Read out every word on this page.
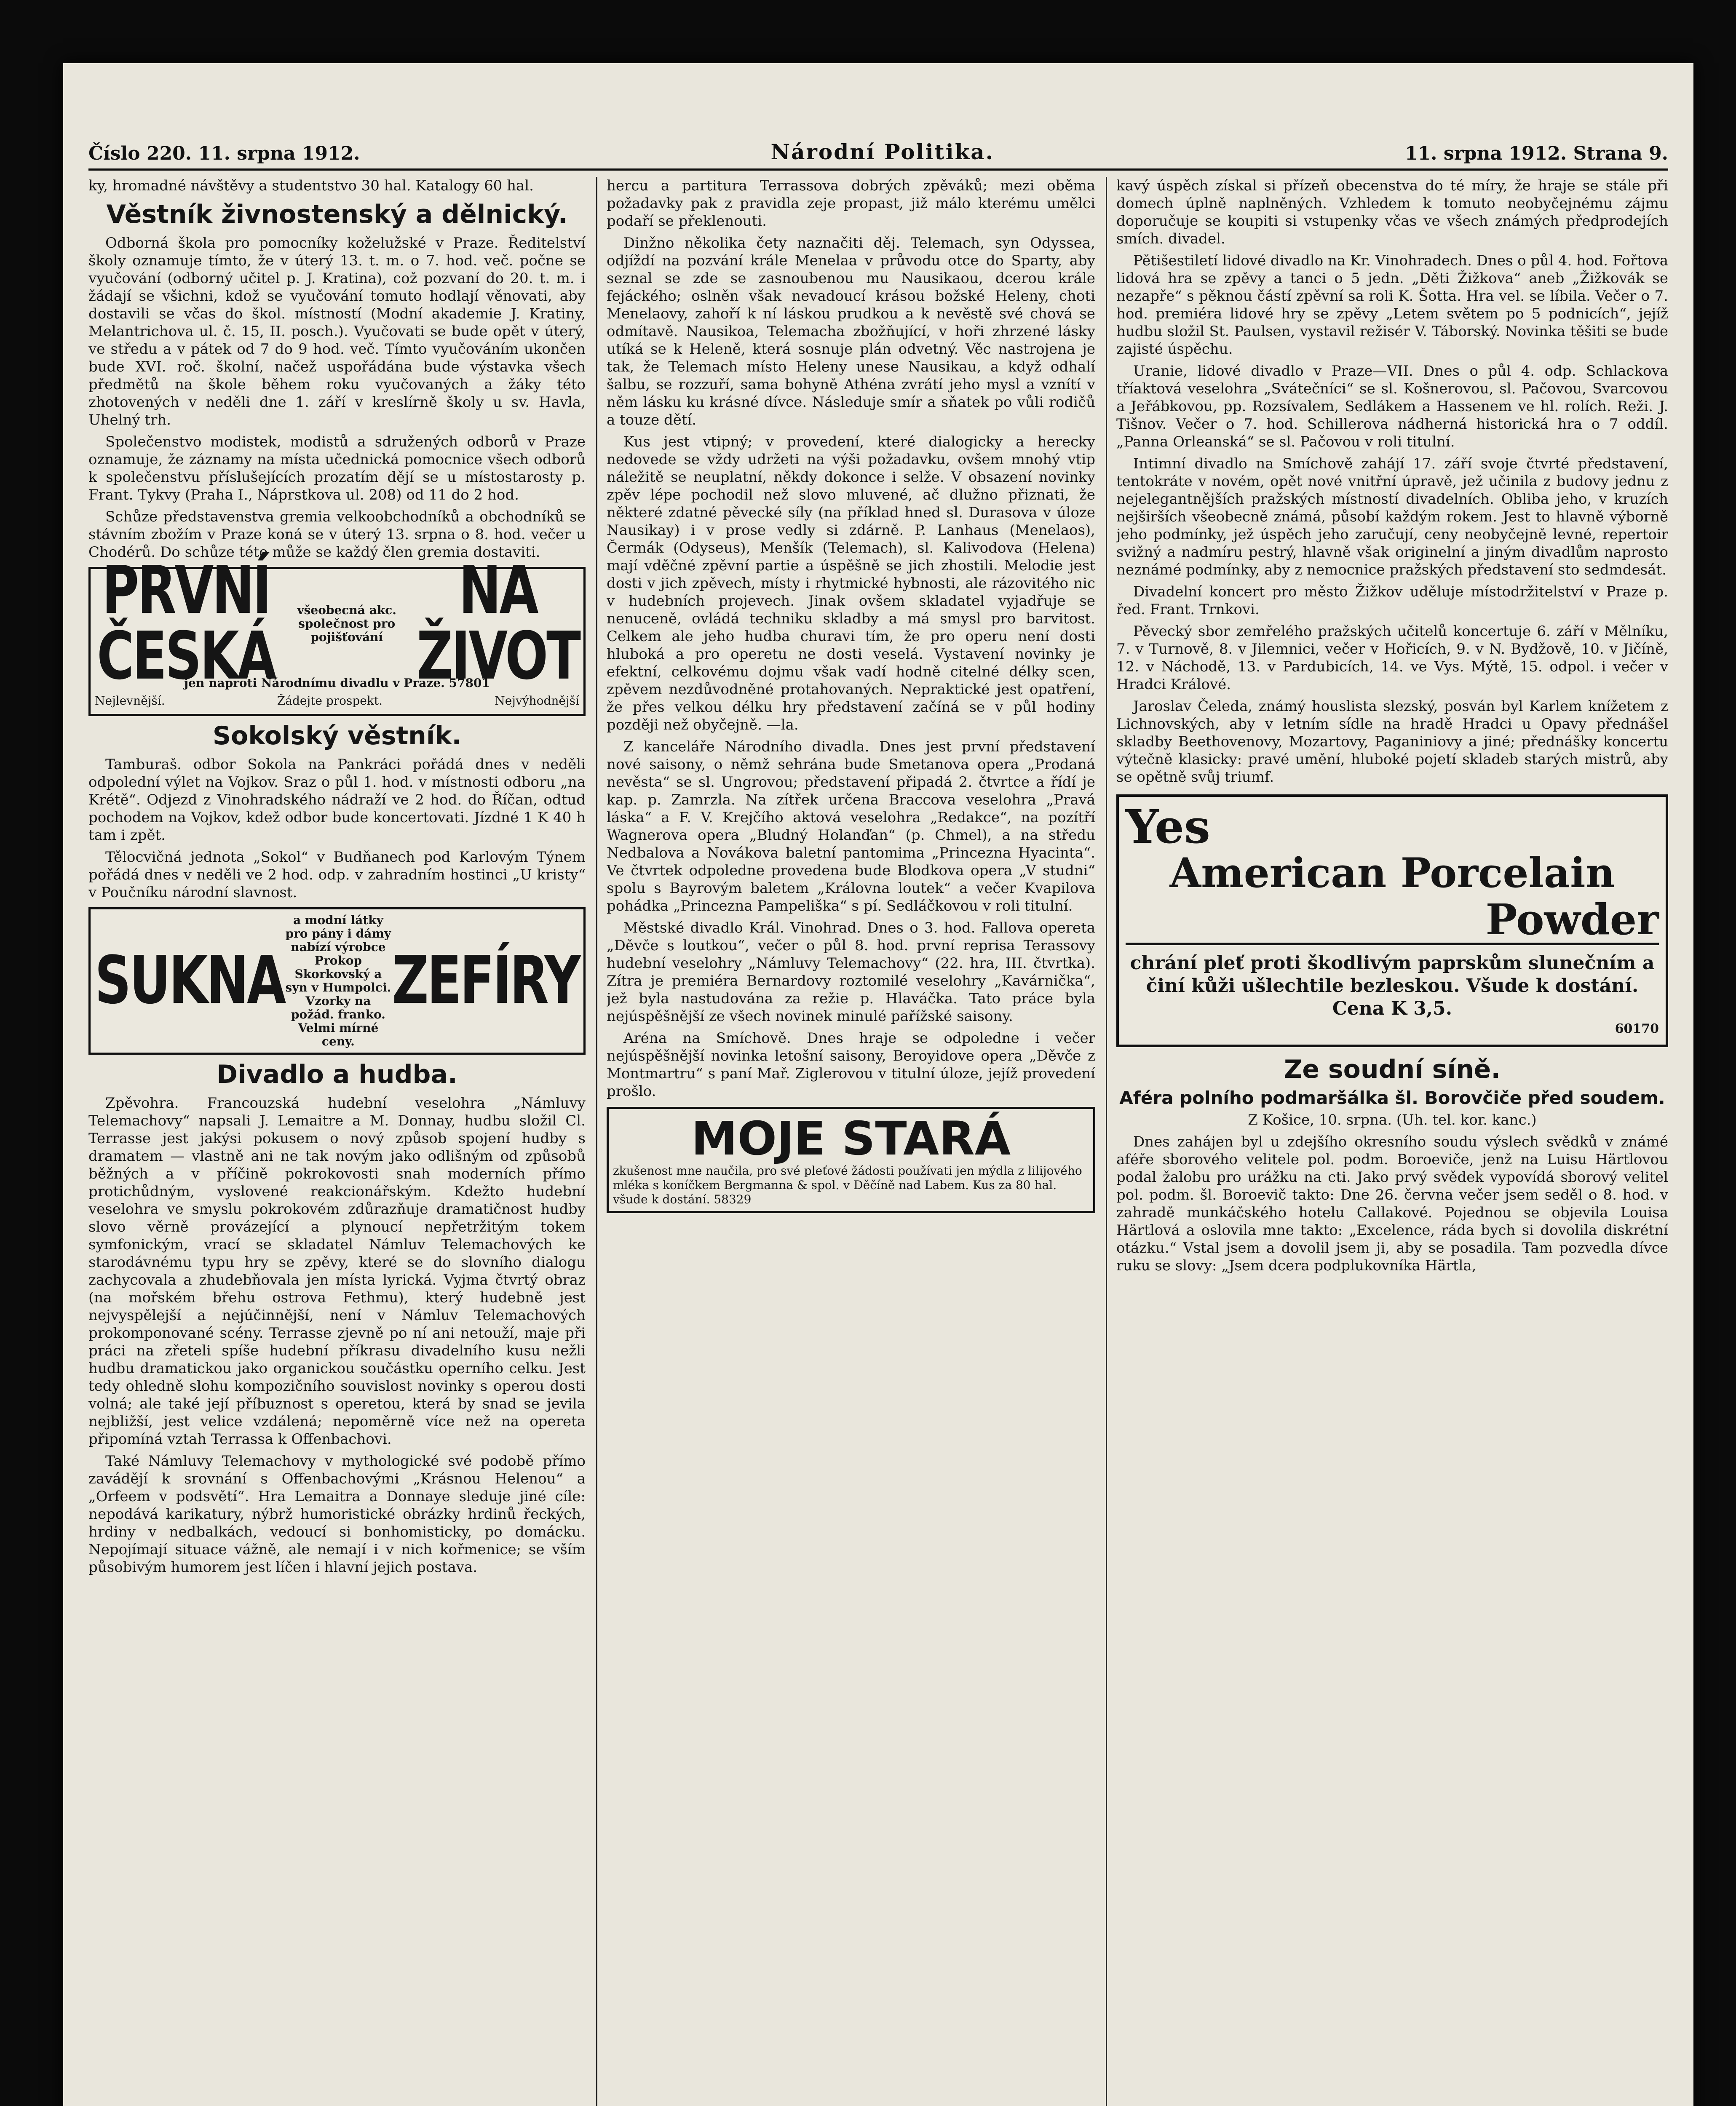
Číslo 220. 11. srpna 1912.	Národní Politika.	11. srpna 1912. Strana 9.

ky, hromadné návštěvy a studentstvo 30 hal. Katalogy 60 hal.

Věstník živnostenský a dělnický.

Odborná škola pro pomocníky koželužské v Praze. Ředitelství školy oznamuje tímto, že v úterý 13. t. m. o 7. hod. več. počne se vyučování (odborný učitel p. J. Kratina), což pozvaní do 20. t. m. i žádají se všichni, kdož se vyučování tomuto hodlají věnovati, aby dostavili se včas do škol. místností (Modní akademie J. Kratiny, Melantrichova ul. č. 15, II. posch.). Vyučovati se bude opět v úterý, ve středu a v pátek od 7 do 9 hod. več. Tímto vyučováním ukončen bude XVI. roč. školní, načež uspořádána bude výstavka všech předmětů na škole během roku vyučovaných a žáky této zhotovených v neděli dne 1. září v kreslírně školy u sv. Havla, Uhelný trh.

Společenstvo modistek, modistů a sdružených odborů v Praze oznamuje, že záznamy na místa učednická pomocnice všech odborů k společenstvu příslušejících prozatím dějí se u místostarosty p. Frant. Tykvy (Praha I., Náprstkova ul. 208) od 11 do 2 hod.

Schůze představenstva gremia velkoobchodníků a obchodníků se stávním zbožím v Praze koná se v úterý 13. srpna o 8. hod. večer u Chodérů. Do schůze této může se každý člen gremia dostaviti.

PRVNÍ ČESKÁ
všeobecná akc. společnost pro pojišťování
NA ŽIVOT
jen naproti Národnímu divadlu v Praze. 57801
Nejlevnější.	Žádejte prospekt.	Nejvýhodnější
Sokolský věstník.

Tamburaš. odbor Sokola na Pankráci pořádá dnes v neděli odpolední výlet na Vojkov. Sraz o půl 1. hod. v místnosti odboru „na Krétě“. Odjezd z Vinohradského nádraží ve 2 hod. do Říčan, odtud pochodem na Vojkov, kdež odbor bude koncertovati. Jízdné 1 K 40 h tam i zpět.

Tělocvičná jednota „Sokol“ v Budňanech pod Karlovým Týnem pořádá dnes v neděli ve 2 hod. odp. v zahradním hostinci „U kristy“ v Poučníku národní slavnost.

SUKNA
a modní látky pro pány i dámy nabízí výrobce Prokop Skorkovský a syn v Humpolci. Vzorky na požád. franko. Velmi mírné ceny.
ZEFÍRY
Divadlo a hudba.

Zpěvohra. Francouzská hudební veselohra „Námluvy Telemachovy“ napsali J. Lemaitre a M. Donnay, hudbu složil Cl. Terrasse jest jakýsi pokusem o nový způsob spojení hudby s dramatem — vlastně ani ne tak novým jako odlišným od způsobů běžných a v příčině pokrokovosti snah moderních přímo protichůdným, vyslovené reakcionářským. Kdežto hudební veselohra ve smyslu pokrokovém zdůrazňuje dramatičnost hudby slovo věrně provázející a plynoucí nepřetržitým tokem symfonickým, vrací se skladatel Námluv Telemachových ke starodávnému typu hry se zpěvy, které se do slovního dialogu zachycovala a zhudebňovala jen místa lyrická. Vyjma čtvrtý obraz (na mořském břehu ostrova Fethmu), který hudebně jest nejvyspělejší a nejúčinnější, není v Námluv Telemachových prokomponované scény. Terrasse zjevně po ní ani netouží, maje při práci na zřeteli spíše hudební příkrasu divadelního kusu nežli hudbu dramatickou jako organickou součástku operního celku. Jest tedy ohledně slohu kompozičního souvislost novinky s operou dosti volná; ale také její příbuznost s operetou, která by snad se jevila nejbližší, jest velice vzdálená; nepoměrně více než na opereta připomíná vztah Terrassa k Offenbachovi.

Také Námluvy Telemachovy v mythologické své podobě přímo zavádějí k srovnání s Offenbachovými „Krásnou Helenou“ a „Orfeem v podsvětí“. Hra Lemaitra a Donnaye sleduje jiné cíle: nepodává karikatury, nýbrž humoristické obrázky hrdinů řeckých, hrdiny v nedbalkách, vedoucí si bonhomisticky, po domácku. Nepojímají situace vážně, ale nemají i v nich kořmenice; se vším působivým humorem jest líčen i hlavní jejich postava.

hercu a partitura Terrassova dobrých zpěváků; mezi oběma požadavky pak z pravidla zeje propast, již málo kterému umělci podaří se překlenouti.

Dinžno několika čety naznačiti děj. Telemach, syn Odyssea, odjíždí na pozvání krále Menelaa v průvodu otce do Sparty, aby seznal se zde se zasnoubenou mu Nausikaou, dcerou krále fejáckého; oslněn však nevadoucí krásou božské Heleny, choti Menelaovy, zahoří k ní láskou prudkou a k nevěstě své chová se odmítavě. Nausikoa, Telemacha zbožňující, v hoři zhrzené lásky utíká se k Heleně, která sosnuje plán odvetný. Věc nastrojena je tak, že Telemach místo Heleny unese Nausikau, a když odhalí šalbu, se rozzuří, sama bohyně Athéna zvrátí jeho mysl a vznítí v něm lásku ku krásné dívce. Následuje smír a sňatek po vůli rodičů a touze dětí.

Kus jest vtipný; v provedení, které dialogicky a herecky nedovede se vždy udržeti na výši požadavku, ovšem mnohý vtip náležitě se neuplatní, někdy dokonce i selže. V obsazení novinky zpěv lépe pochodil než slovo mluvené, ač dlužno přiznati, že některé zdatné pěvecké síly (na příklad hned sl. Durasova v úloze Nausikay) i v prose vedly si zdárně. P. Lanhaus (Menelaos), Čermák (Odyseus), Menšík (Telemach), sl. Kalivodova (Helena) mají vděčné zpěvní partie a úspěšně se jich zhostili. Melodie jest dosti v jich zpěvech, místy i rhytmické hybnosti, ale rázovitého nic v hudebních projevech. Jinak ovšem skladatel vyjadřuje se nenuceně, ovládá techniku skladby a má smysl pro barvitost. Celkem ale jeho hudba churavi tím, že pro operu není dosti hluboká a pro operetu ne dosti veselá. Vystavení novinky je efektní, celkovému dojmu však vadí hodně citelné délky scen, zpěvem nezdůvodněné protahovaných. Nepraktické jest opatření, že přes velkou délku hry představení začíná se v půl hodiny později než obyčejně. —la.

Z kanceláře Národního divadla. Dnes jest první představení nové saisony, o němž sehrána bude Smetanova opera „Prodaná nevěsta“ se sl. Ungrovou; představení připadá 2. čtvrtce a řídí je kap. p. Zamrzla. Na zítřek určena Braccova veselohra „Pravá láska“ a F. V. Krejčího aktová veselohra „Redakce“, na pozítří Wagnerova opera „Bludný Holanďan“ (p. Chmel), a na středu Nedbalova a Novákova baletní pantomima „Princezna Hyacinta“. Ve čtvrtek odpoledne provedena bude Blodkova opera „V studni“ spolu s Bayrovým baletem „Královna loutek“ a večer Kvapilova pohádka „Princezna Pampeliška“ s pí. Sedláčkovou v roli titulní.

Městské divadlo Král. Vinohrad. Dnes o 3. hod. Fallova opereta „Děvče s loutkou“, večer o půl 8. hod. první reprisa Terassovy hudební veselohry „Námluvy Telemachovy“ (22. hra, III. čtvrtka). Zítra je premiéra Bernardovy roztomilé veselohry „Kavárnička“, jež byla nastudována za režie p. Hlaváčka. Tato práce byla nejúspěšnější ze všech novinek minulé pařížské saisony.

Aréna na Smíchově. Dnes hraje se odpoledne i večer nejúspěšnější novinka letošní saisony, Beroyidove opera „Děvče z Montmartru“ s paní Mař. Ziglerovou v titulní úloze, jejíž provedení prošlo.

MOJE STARÁ
zkušenost mne naučila, pro své pleťové žádosti používati jen mýdla z lilijového mléka s koníčkem Bergmanna & spol. v Děčíně nad Labem. Kus za 80 hal. všude k dostání. 58329

kavý úspěch získal si přízeň obecenstva do té míry, že hraje se stále při domech úplně naplněných. Vzhledem k tomuto neobyčejnému zájmu doporučuje se koupiti si vstupenky včas ve všech známých předprodejích smích. divadel.

Pětišestiletí lidové divadlo na Kr. Vinohradech. Dnes o půl 4. hod. Fořtova lidová hra se zpěvy a tanci o 5 jedn. „Děti Žižkova“ aneb „Žižkovák se nezapře“ s pěknou částí zpěvní sa roli K. Šotta. Hra vel. se líbila. Večer o 7. hod. premiéra lidové hry se zpěvy „Letem světem po 5 podnicích“, jejíž hudbu složil St. Paulsen, vystavil režisér V. Táborský. Novinka těšiti se bude zajisté úspěchu.

Uranie, lidové divadlo v Praze—VII. Dnes o půl 4. odp. Schlackova tříaktová veselohra „Svátečníci“ se sl. Košnerovou, sl. Pačovou, Svarcovou a Jeřábkovou, pp. Rozsívalem, Sedlákem a Hassenem ve hl. rolích. Reži. J. Tišnov. Večer o 7. hod. Schillerova nádherná historická hra o 7 oddíl. „Panna Orleanská“ se sl. Pačovou v roli titulní.

Intimní divadlo na Smíchově zahájí 17. září svoje čtvrté představení, tentokráte v novém, opět nové vnitřní úpravě, jež učinila z budovy jednu z nejelegantnějších pražských místností divadelních. Obliba jeho, v kruzích nejširších všeobecně známá, působí každým rokem. Jest to hlavně výborně jeho podmínky, jež úspěch jeho zaručují, ceny neobyčejně levné, repertoir svižný a nadmíru pestrý, hlavně však originelní a jiným divadlům naprosto neznámé podmínky, aby z nemocnice pražských představení sto sedmdesát.

Divadelní koncert pro město Žižkov uděluje místodržitelství v Praze p. řed. Frant. Trnkovi.

Pěvecký sbor zemřelého pražských učitelů koncertuje 6. září v Mělníku, 7. v Turnově, 8. v Jilemnici, večer v Hořicích, 9. v N. Bydžově, 10. v Jičíně, 12. v Náchodě, 13. v Pardubicích, 14. ve Vys. Mýtě, 15. odpol. i večer v Hradci Králové.

Jaroslav Čeleda, známý houslista slezský, posván byl Karlem knížetem z Lichnovských, aby v letním sídle na hradě Hradci u Opavy přednášel skladby Beethovenovy, Mozartovy, Paganiniovy a jiné; přednášky koncertu výtečně klasicky: pravé umění, hluboké pojetí skladeb starých mistrů, aby se opětně svůj triumf.

Yes
American Porcelain
Powder
chrání pleť proti škodlivým paprskům slunečním a činí kůži ušlechtile bezleskou. Všude k dostání. Cena K 3,5.
60170
Ze soudní síně.
Aféra polního podmaršálka šl. Borovčiče před soudem.

Z Košice, 10. srpna. (Uh. tel. kor. kanc.)

Dnes zahájen byl u zdejšího okresního soudu výslech svědků v známé aféře sborového velitele pol. podm. Boroeviče, jenž na Luisu Härtlovou podal žalobu pro urážku na cti. Jako prvý svědek vypovídá sborový velitel pol. podm. šl. Boroevič takto: Dne 26. června večer jsem seděl o 8. hod. v zahradě munkáčského hotelu Callakové. Pojednou se objevila Louisa Härtlová a oslovila mne takto: „Excelence, ráda bych si dovolila diskrétní otázku.“ Vstal jsem a dovolil jsem ji, aby se posadila. Tam pozvedla dívce ruku se slovy: „Jsem dcera podplukovníka Härtla,
